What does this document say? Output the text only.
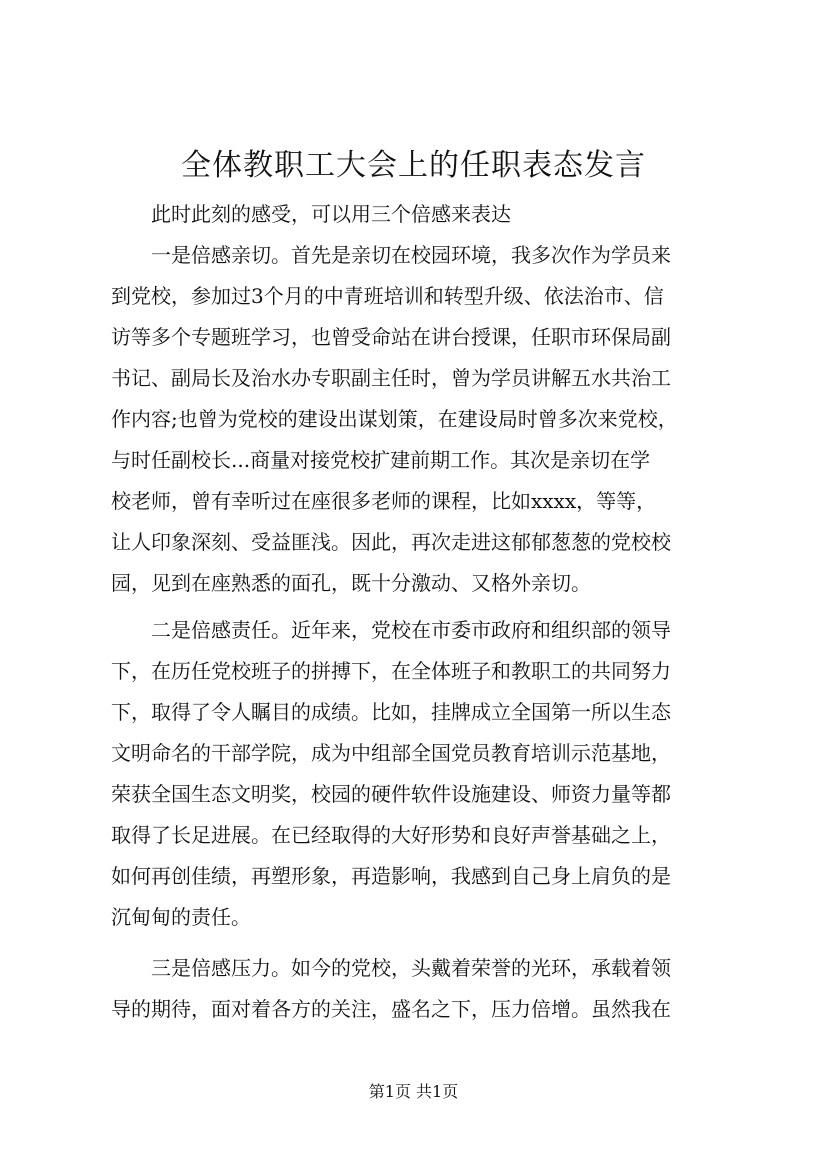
全体教职工大会上的任职表态发言

此时此刻的感受，可以用三个倍感来表达

一是倍感亲切。首先是亲切在校园环境，我多次作为学员来

到党校，参加过3个月的中青班培训和转型升级、依法治市、信

访等多个专题班学习，也曾受命站在讲台授课，任职市环保局副

书记、副局长及治水办专职副主任时，曾为学员讲解五水共治工

作内容;也曾为党校的建设出谋划策，在建设局时曾多次来党校，

与时任副校长...商量对接党校扩建前期工作。其次是亲切在学

校老师，曾有幸听过在座很多老师的课程，比如xxxx，等等，

让人印象深刻、受益匪浅。因此，再次走进这郁郁葱葱的党校校

园，见到在座熟悉的面孔，既十分激动、又格外亲切。

二是倍感责任。近年来，党校在市委市政府和组织部的领导

下，在历任党校班子的拼搏下，在全体班子和教职工的共同努力

下，取得了令人瞩目的成绩。比如，挂牌成立全国第一所以生态

文明命名的干部学院，成为中组部全国党员教育培训示范基地，

荣获全国生态文明奖，校园的硬件软件设施建设、师资力量等都

取得了长足进展。在已经取得的大好形势和良好声誉基础之上，

如何再创佳绩，再塑形象，再造影响，我感到自己身上肩负的是

沉甸甸的责任。

三是倍感压力。如今的党校，头戴着荣誉的光环，承载着领

导的期待，面对着各方的关注，盛名之下，压力倍增。虽然我在

第1页 共1页
